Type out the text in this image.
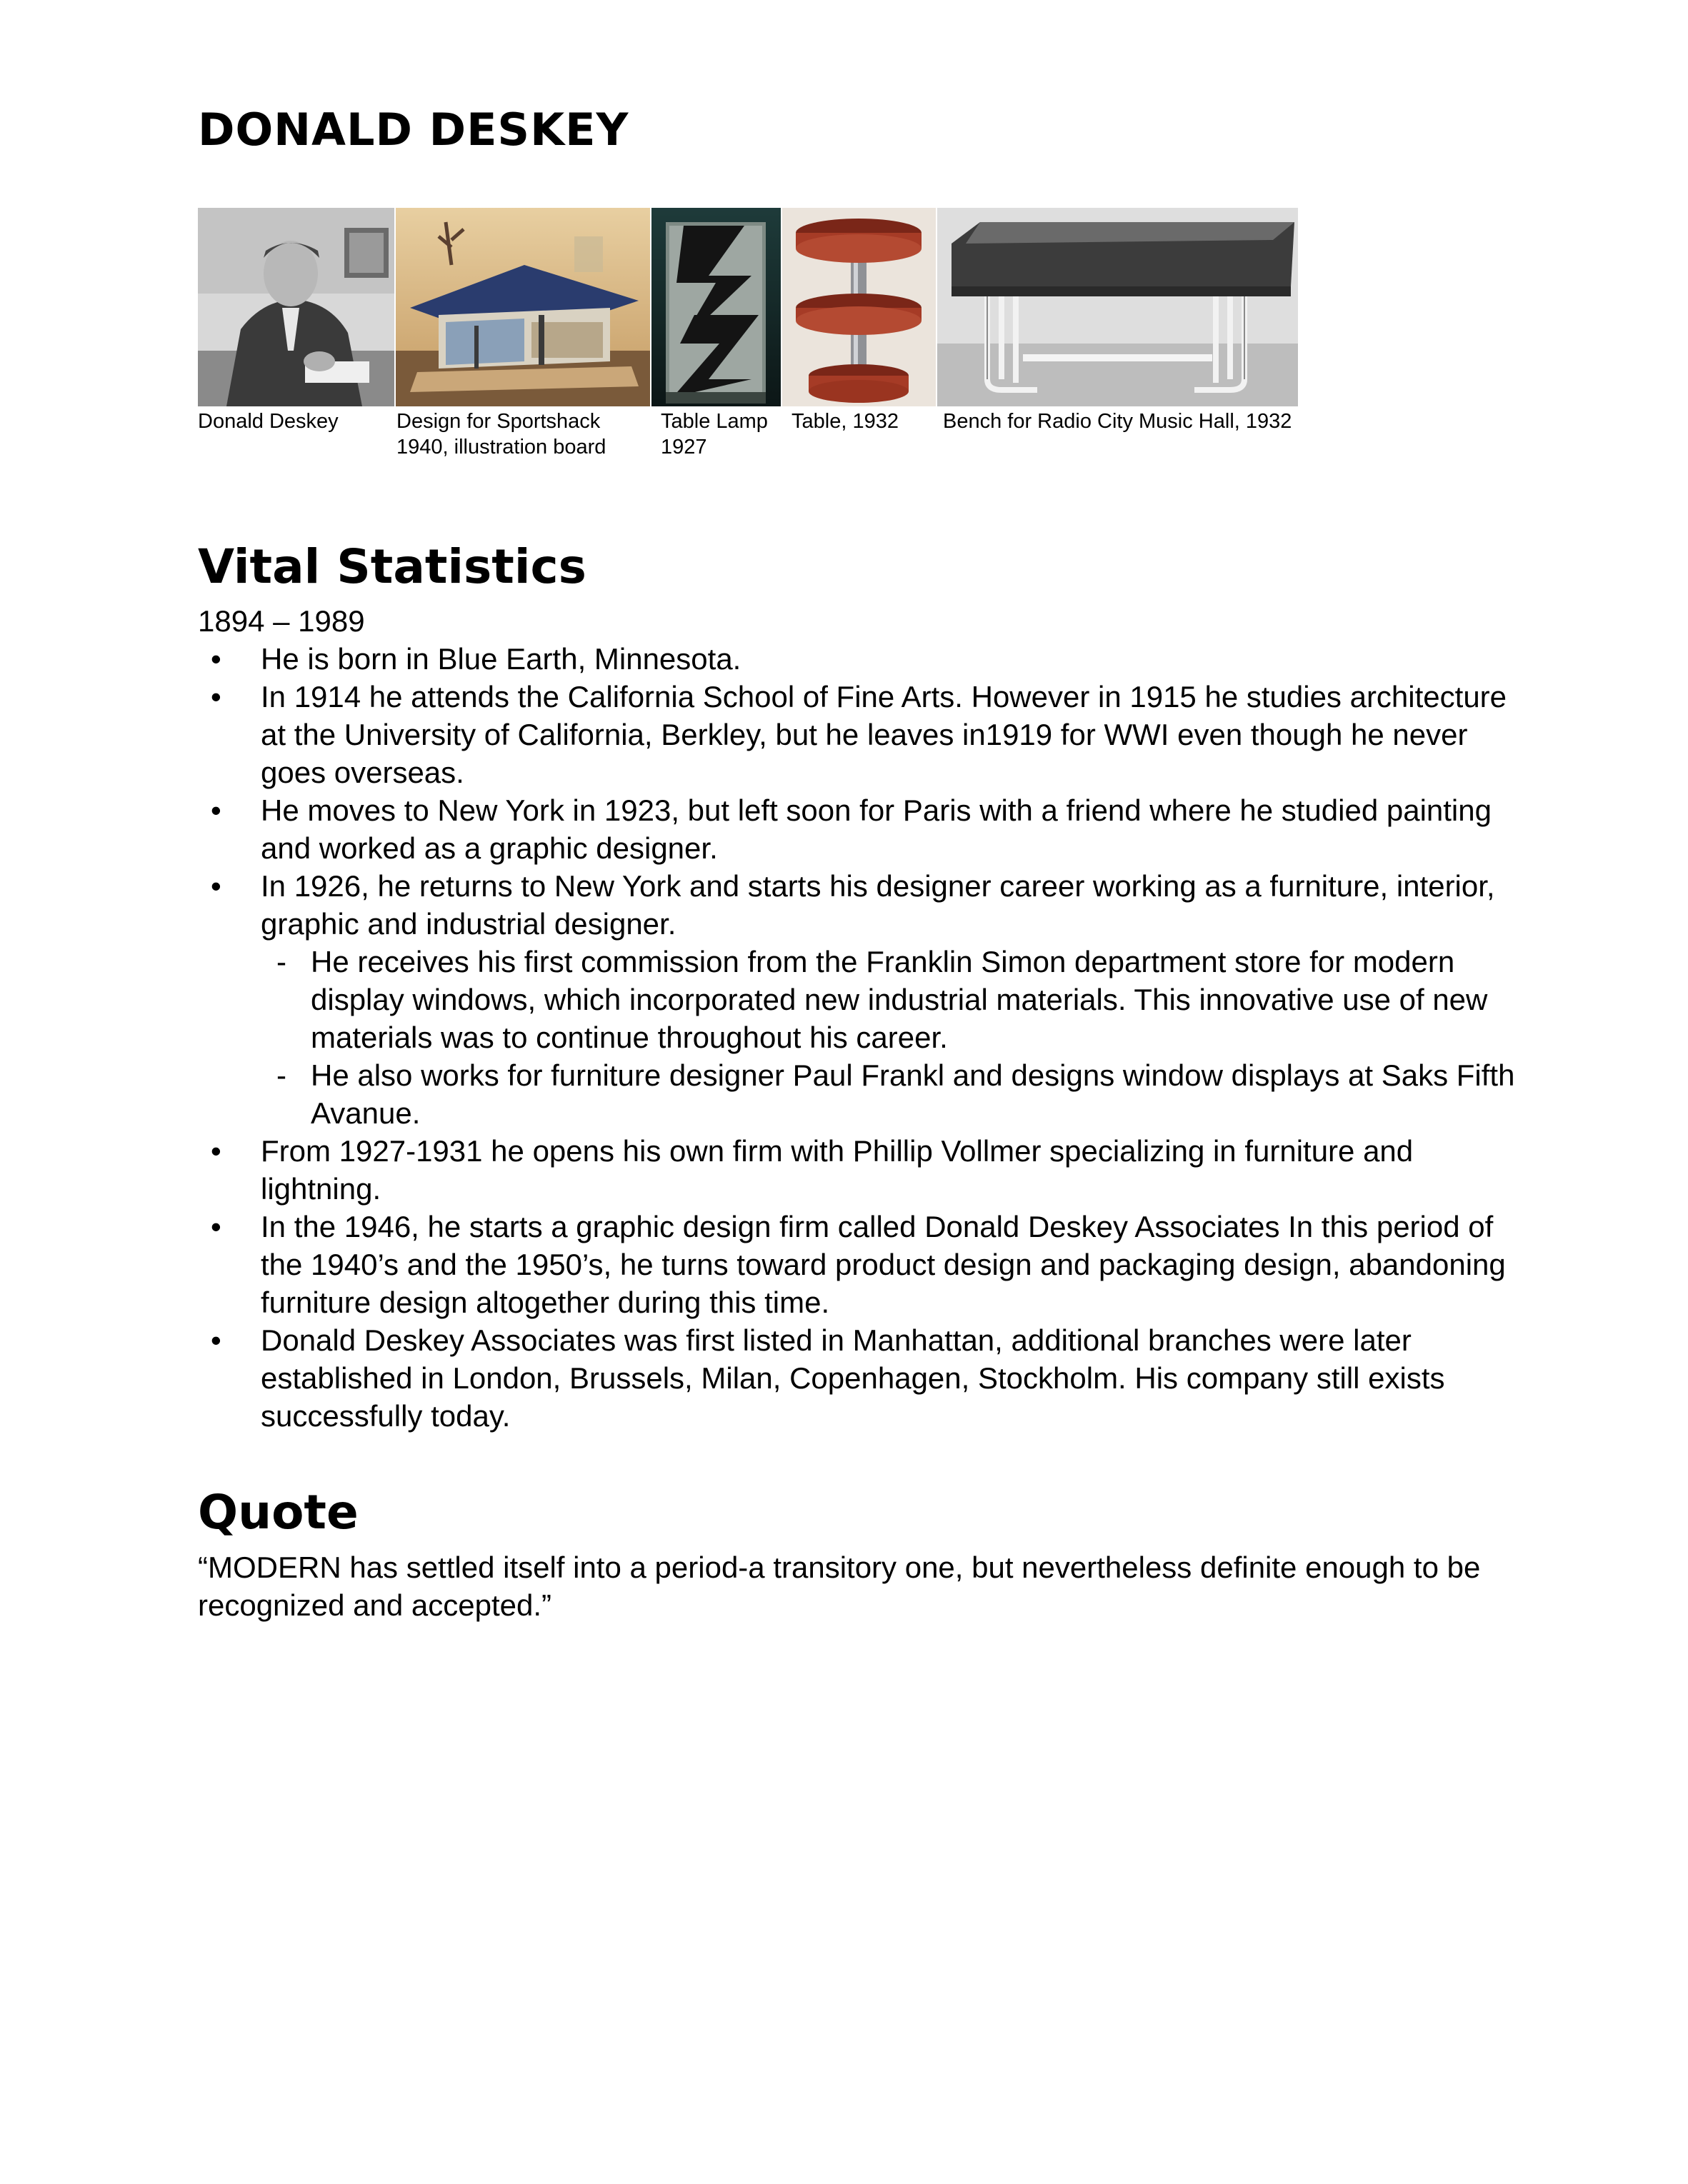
DONALD DESKEY
Donald Deskey	Design for Sportshack
1940, illustration board
Table Lamp
1927
Table, 1932 Bench for Radio City Music Hall, 1932
Vital Statistics
1894 – 1989
• He is born in Blue Earth, Minnesota.
• In 1914 he attends the California School of Fine Arts. However in 1915 he studies architecture at the University of California, Berkley, but he leaves in1919 for WWI even though he never goes overseas.
• He moves to New York in 1923, but left soon for Paris with a friend where he studied painting and worked as a graphic designer.
• In 1926, he returns to New York and starts his designer career working as a furniture, interior, graphic and industrial designer.
- He receives his first commission from the Franklin Simon department store for modern display windows, which incorporated new industrial materials. This innovative use of new materials was to continue throughout his career.
- He also works for furniture designer Paul Frankl and designs window displays at Saks Fifth Avanue.
• From 1927-1931 he opens his own firm with Phillip Vollmer specializing in furniture and lightning.
• In the 1946, he starts a graphic design firm called Donald Deskey Associates In this period of the 1940’s and the 1950’s, he turns toward product design and packaging design, abandoning furniture design altogether during this time.
• Donald Deskey Associates was first listed in Manhattan, additional branches were later established in London, Brussels, Milan, Copenhagen, Stockholm. His company still exists successfully today.
Quote
“MODERN has settled itself into a period-a transitory one, but nevertheless definite enough to be recognized and accepted.”
